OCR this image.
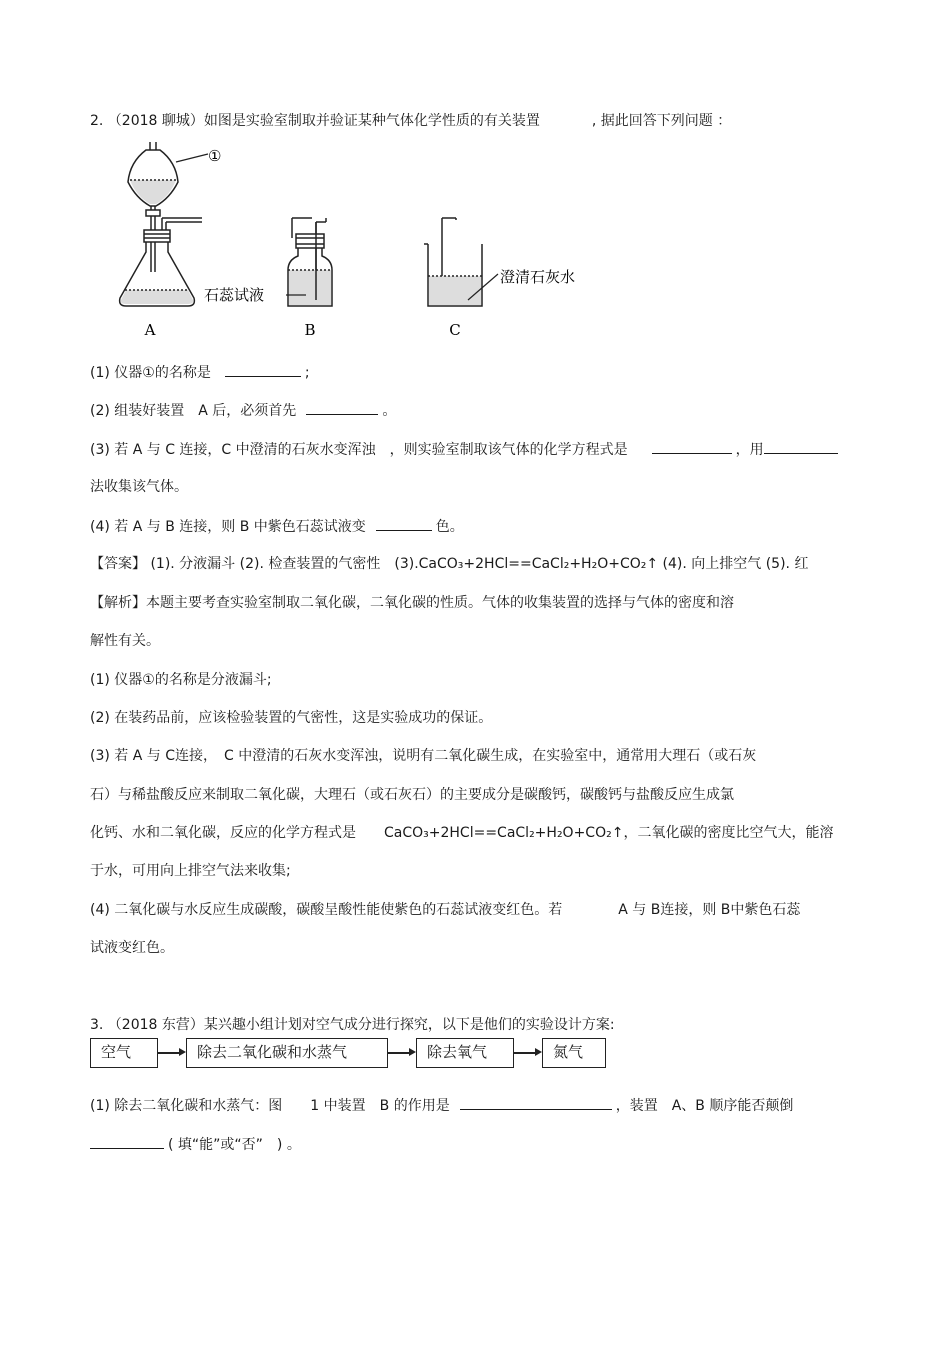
2. （2018 聊城）如图是实验室制取并验证某种气体化学性质的有关装置	, 据此回答下列问题 ：
①
A
石蕊试液
B
澄清石灰水
C
(1) 仪器①的名称是	;
(2) 组装好装置　A 后，必须首先	。
(3) 若 A 与 C 连接，C 中澄清的石灰水变浑浊　，则实验室制取该气体的化学方程式是	，用
法收集该气体。
(4) 若 A 与 B 连接，则 B 中紫色石蕊试液变	色。
【答案】 (1). 分液漏斗 (2). 检查装置的气密性　(3).CaCO₃+2HCl==CaCl₂+H₂O+CO₂↑ (4). 向上排空气 (5). 红
【解析】本题主要考查实验室制取二氧化碳，二氧化碳的性质。气体的收集装置的选择与气体的密度和溶
解性有关。
(1) 仪器①的名称是分液漏斗;
(2) 在装药品前，应该检验装置的气密性，这是实验成功的保证。
(3) 若 A 与 C连接，　C 中澄清的石灰水变浑浊，说明有二氧化碳生成，在实验室中，通常用大理石（或石灰
石）与稀盐酸反应来制取二氧化碳，大理石（或石灰石）的主要成分是碳酸钙，碳酸钙与盐酸反应生成氯
化钙、水和二氧化碳，反应的化学方程式是　　CaCO₃+2HCl==CaCl₂+H₂O+CO₂↑，二氧化碳的密度比空气大，能溶
于水，可用向上排空气法来收集;
(4) 二氧化碳与水反应生成碳酸，碳酸呈酸性能使紫色的石蕊试液变红色。若　　　　A 与 B连接，则 B中紫色石蕊
试液变红色。
3. （2018 东营）某兴趣小组计划对空气成分进行探究，以下是他们的实验设计方案:
空气	除去二氧化碳和水蒸气	除去氧气	氮气
(1) 除去二氧化碳和水蒸气：图　　1 中装置　B 的作用是	，装置　A、B 顺序能否颠倒
( 填“能”或“否”　) 。
